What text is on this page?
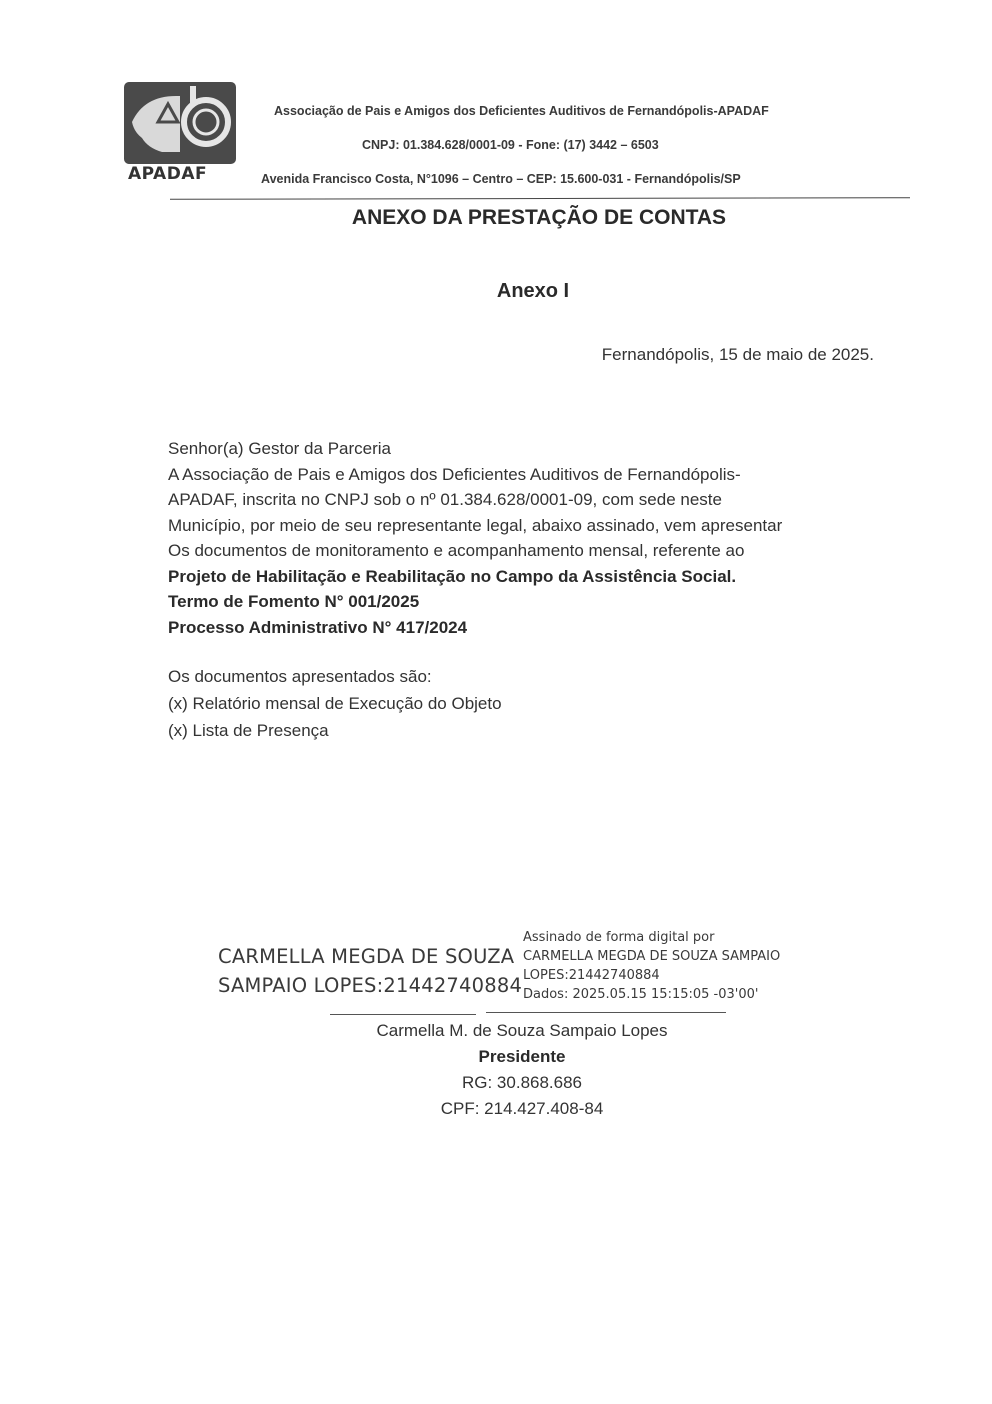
APADAF
Associação de Pais e Amigos dos Deficientes Auditivos de Fernandópolis-APADAF
CNPJ: 01.384.628/0001-09 - Fone: (17) 3442 – 6503
Avenida Francisco Costa, N°1096 – Centro – CEP: 15.600-031 - Fernandópolis/SP
ANEXO DA PRESTAÇÃO DE CONTAS
Anexo I
Fernandópolis, 15 de maio de 2025.
Senhor(a) Gestor da Parceria
A Associação de Pais e Amigos dos Deficientes Auditivos de Fernandópolis-
APADAF, inscrita no CNPJ sob o nº 01.384.628/0001-09, com sede neste
Município, por meio de seu representante legal, abaixo assinado, vem apresentar
Os documentos de monitoramento e acompanhamento mensal, referente ao
Projeto de Habilitação e Reabilitação no Campo da Assistência Social.
Termo de Fomento N° 001/2025
Processo Administrativo N° 417/2024
Os documentos apresentados são:
(x) Relatório mensal de Execução do Objeto
(x) Lista de Presença
CARMELLA MEGDA DE SOUZA
SAMPAIO LOPES:21442740884
Assinado de forma digital por
CARMELLA MEGDA DE SOUZA SAMPAIO
LOPES:21442740884
Dados: 2025.05.15 15:15:05 -03'00'
Carmella M. de Souza Sampaio Lopes
Presidente
RG: 30.868.686
CPF: 214.427.408-84
